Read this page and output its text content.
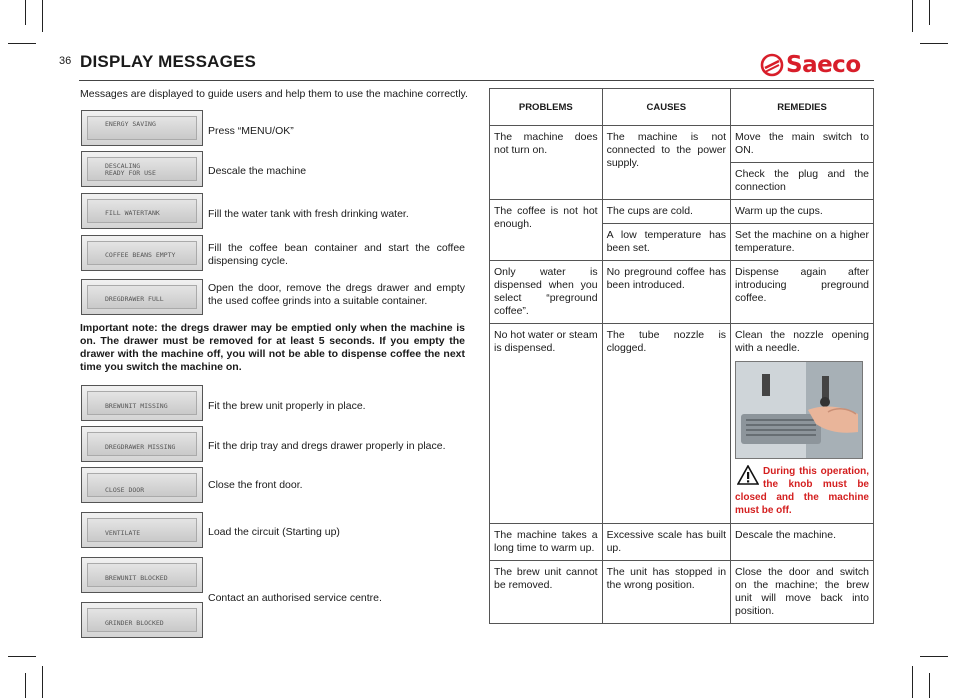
36 DISPLAY MESSAGES	Saeco
Messages are displayed to guide users and help them to use the machine correctly.
ENERGY SAVING
Press “MENU/OK”
DESCALING
READY FOR USE	Descale the machine
FILL WATERTANK	Fill the water tank with fresh drinking water.
COFFEE BEANS EMPTY
Fill the coffee bean container and start the coffee dispensing cycle.
DREGDRAWER FULL
Open the door, remove the dregs drawer and empty the used coffee grinds into a suitable container.
Important note: the dregs drawer may be emptied only when the machine is on. The drawer must be removed for at least 5 seconds. If you empty the drawer with the machine off, you will not be able to dispense coffee the next time you switch the machine on.
BREWUNIT MISSING	Fit the brew unit properly in place.
DREGDRAWER MISSING	Fit the drip tray and dregs drawer properly in place.
CLOSE DOOR	Close the front door.
VENTILATE	Load the circuit (Starting up)
BREWUNIT BLOCKED
GRINDER BLOCKED
Contact an authorised service centre.
PROBLEMS	CAUSES	REMEDIES
The machine does not turn on.	The machine is not connected to the power supply.	Move the main switch to ON.
		Check the plug and the connection
The coffee is not hot enough.	The cups are cold.	Warm up the cups.
	A low temperature has been set.	Set the machine on a higher temperature.
Only water is dispensed when you select “preground coffee”.	No preground coffee has been introduced.	Dispense again after introducing preground coffee.
No hot water or steam is dispensed.	The tube nozzle is clogged.	Clean the nozzle opening with a needle.
During this operation, the knob must be closed and the machine must be off.

The machine takes a long time to warm up.	Excessive scale has built up.	Descale the machine.
The brew unit cannot be removed.	The unit has stopped in the wrong position.	Close the door and switch on the machine; the brew unit will move back into position.
